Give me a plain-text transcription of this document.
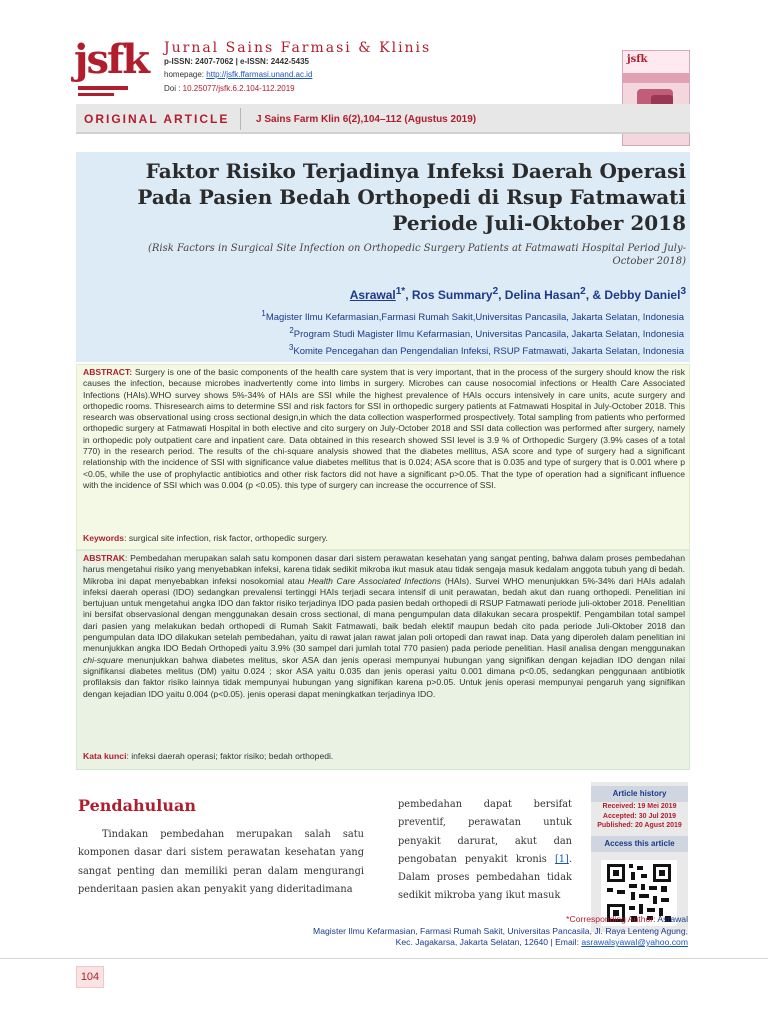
jsfk Jurnal Sains Farmasi & Klinis
p-ISSN: 2407-7062 | e-ISSN: 2442-5435
homepage: http://jsfk.ffarmasi.unand.ac.id
Doi : 10.25077/jsfk.6.2.104-112.2019
jsfk
ORIGINAL ARTICLE	J Sains Farm Klin 6(2),104–112 (Agustus 2019)
Faktor Risiko Terjadinya Infeksi Daerah Operasi Pada Pasien Bedah Orthopedi di Rsup Fatmawati Periode Juli-Oktober 2018
(Risk Factors in Surgical Site Infection on Orthopedic Surgery Patients at Fatmawati Hospital Period July-October 2018)
Asrawal$^{1*}$, Ros Summary$^2$, Delina Hasan$^2$, & Debby Daniel$^3$
$^1$Magister Ilmu Kefarmasian,Farmasi Rumah Sakit,Universitas Pancasila, Jakarta Selatan, Indonesia
$^2$Program Studi Magister Ilmu Kefarmasian, Universitas Pancasila, Jakarta Selatan, Indonesia
$^3$Komite Pencegahan dan Pengendalian Infeksi, RSUP Fatmawati, Jakarta Selatan, Indonesia

ABSTRACT: Surgery is one of the basic components of the health care system that is very important, that in the process of the surgery should know the risk causes the infection, because microbes inadvertently come into limbs in surgery. Microbes can cause nosocomial infections or Health Care Associated Infections (HAIs).WHO survey shows 5%-34% of HAIs are SSI while the highest prevalence of HAIs occurs intensively in care units, acute surgery and orthopedic rooms. Thisresearch aims to determine SSI and risk factors for SSI in orthopedic surgery patients at Fatmawati Hospital in July-October 2018. This research was observational using cross sectional design,in which the data collection wasperformed prospectively. Total sampling from patients who performed orthopedic surgery at Fatmawati Hospital in both elective and cito surgery on July-October 2018 and SSI data collection was performed after surgery, namely in orthopedic poly outpatient care and inpatient care. Data obtained in this research showed SSI level is 3.9 % of Orthopedic Surgery (3.9% cases of a total 770) in the research period. The results of the chi-square analysis showed that the diabetes mellitus, ASA score and type of surgery had a significant relationship with the incidence of SSI with significance value diabetes mellitus that is 0.024; ASA score that is 0.035 and type of surgery that is 0.001 where p <0.05, while the use of prophylactic antibiotics and other risk factors did not have a significant p>0.05. That the type of operation had a significant influence with the incidence of SSI which was 0.004 (p <0.05). this type of surgery can increase the occurrence of SSI.

Keywords: surgical site infection, risk factor, orthopedic surgery.

ABSTRAK: Pembedahan merupakan salah satu komponen dasar dari sistem perawatan kesehatan yang sangat penting, bahwa dalam proses pembedahan harus mengetahui risiko yang menyebabkan infeksi, karena tidak sedikit mikroba ikut masuk atau tidak sengaja masuk kedalam anggota tubuh yang di bedah. Mikroba ini dapat menyebabkan infeksi nosokomial atau Health Care Associated Infections (HAIs). Survei WHO menunjukkan 5%-34% dari HAIs adalah infeksi daerah operasi (IDO) sedangkan prevalensi tertinggi HAIs terjadi secara intensif di unit perawatan, bedah akut dan ruang orthopedi. Penelitian ini bertujuan untuk mengetahui angka IDO dan faktor risiko terjadinya IDO pada pasien bedah orthopedi di RSUP Fatmawati periode juli-oktober 2018. Penelitian ini bersifat observasional dengan menggunakan desain cross sectional, di mana pengumpulan data dilakukan secara prospektif. Pengambilan total sampel dari pasien yang melakukan bedah orthopedi di Rumah Sakit Fatmawati, baik bedah elektif maupun bedah cito pada periode Juli-Oktober 2018 dan pengumpulan data IDO dilakukan setelah pembedahan, yaitu di rawat jalan rawat jalan poli ortopedi dan rawat inap. Data yang diperoleh dalam penelitian ini menunjukkan angka IDO Bedah Orthopedi yaitu 3.9% (30 sampel dari jumlah total 770 pasien) pada periode penelitian. Hasil analisa dengan menggunakan chi-square menunjukkan bahwa diabetes melitus, skor ASA dan jenis operasi mempunyai hubungan yang signifikan dengan kejadian IDO dengan nilai signifikansi diabetes melitus (DM) yaitu 0.024 ; skor ASA yaitu 0.035 dan jenis operasi yaitu 0.001 dimana p<0.05, sedangkan penggunaan antibiotik profilaksis dan faktor risiko lainnya tidak mempunyai hubungan yang signifikan karena p>0.05. Untuk jenis operasi mempunyai pengaruh yang signifikan dengan kejadian IDO yaitu 0.004 (p<0.05). jenis operasi dapat meningkatkan terjadinya IDO.

Kata kunci: infeksi daerah operasi; faktor risiko; bedah orthopedi.

Pendahuluan

Tindakan pembedahan merupakan salah satu komponen dasar dari sistem perawatan kesehatan yang sangat penting dan memiliki peran dalam mengurangi penderitaan pasien akan penyakit yang dideritadimana

pembedahan dapat bersifat preventif, perawatan untuk penyakit darurat, akut dan pengobatan penyakit kronis [1]. Dalam proses pembedahan tidak sedikit mikroba yang ikut masuk

Article history
Received: 19 Mei 2019
Accepted: 30 Jul 2019
Published: 20 Agust 2019
Access this article
*Corresponding Author: Asrawal
Magister Ilmu Kefarmasian, Farmasi Rumah Sakit, Universitas Pancasila, Jl. Raya Lenteng Agung,
Kec. Jagakarsa, Jakarta Selatan, 12640 | Email: asrawalsyawal@yahoo.com
104
